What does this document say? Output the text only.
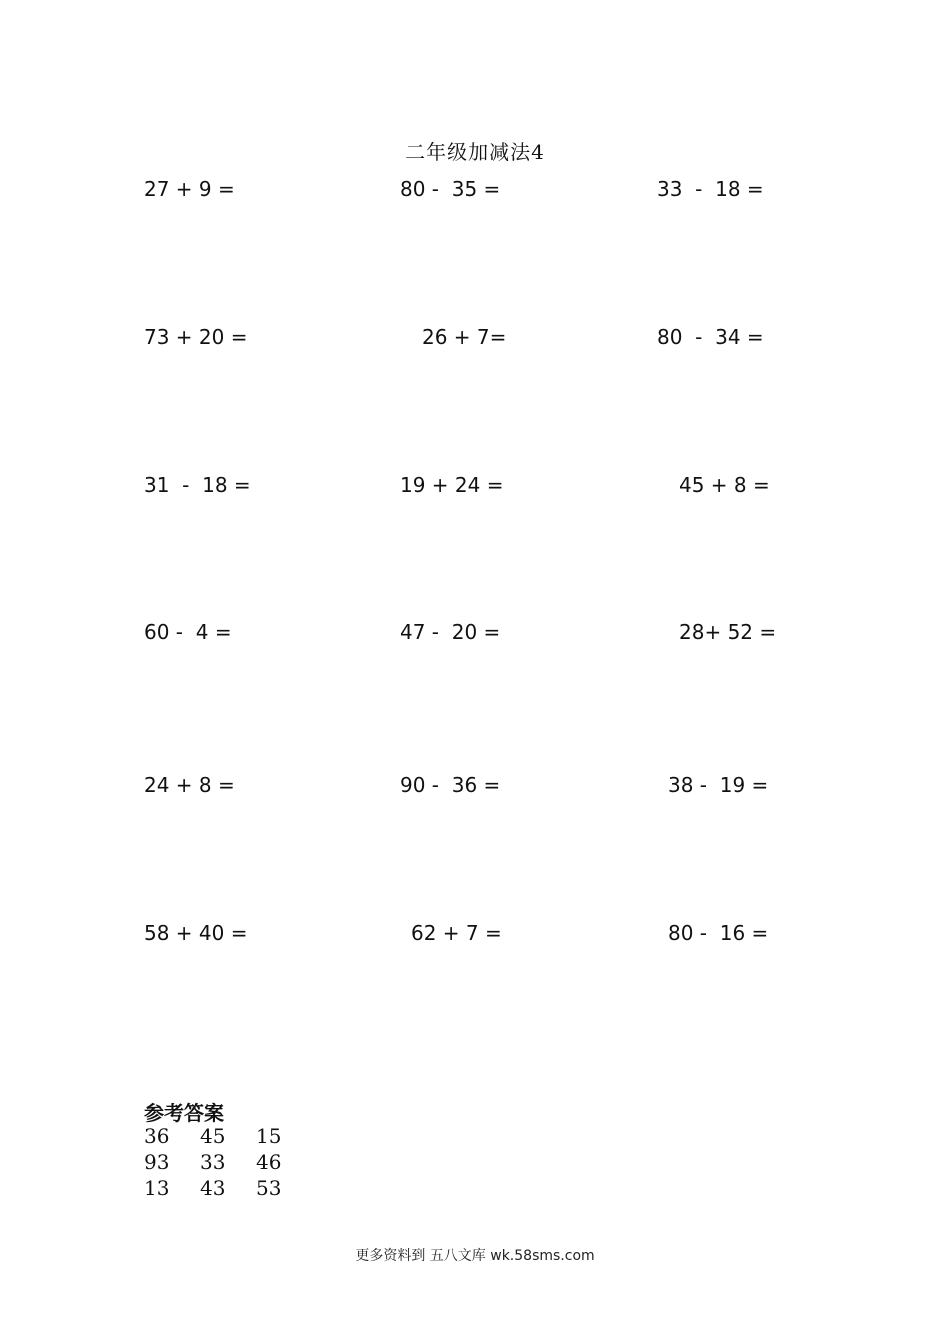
二年级加减法4
27 + 9 =	80 -  35 =	33  -  18 =
73 + 20 =	26 + 7=	80  -  34 =
31  -  18 =	19 + 24 =	45 + 8 =
60 -  4 =	47 -  20 =	28+ 52 =
24 + 8 =	90 -  36 =	38 -  19 =
58 + 40 =	62 + 7 =	80 -  16 =
参考答案
36 45 15
93 33 46
13 43 53
更多资料到 五八文库 wk.58sms.com
